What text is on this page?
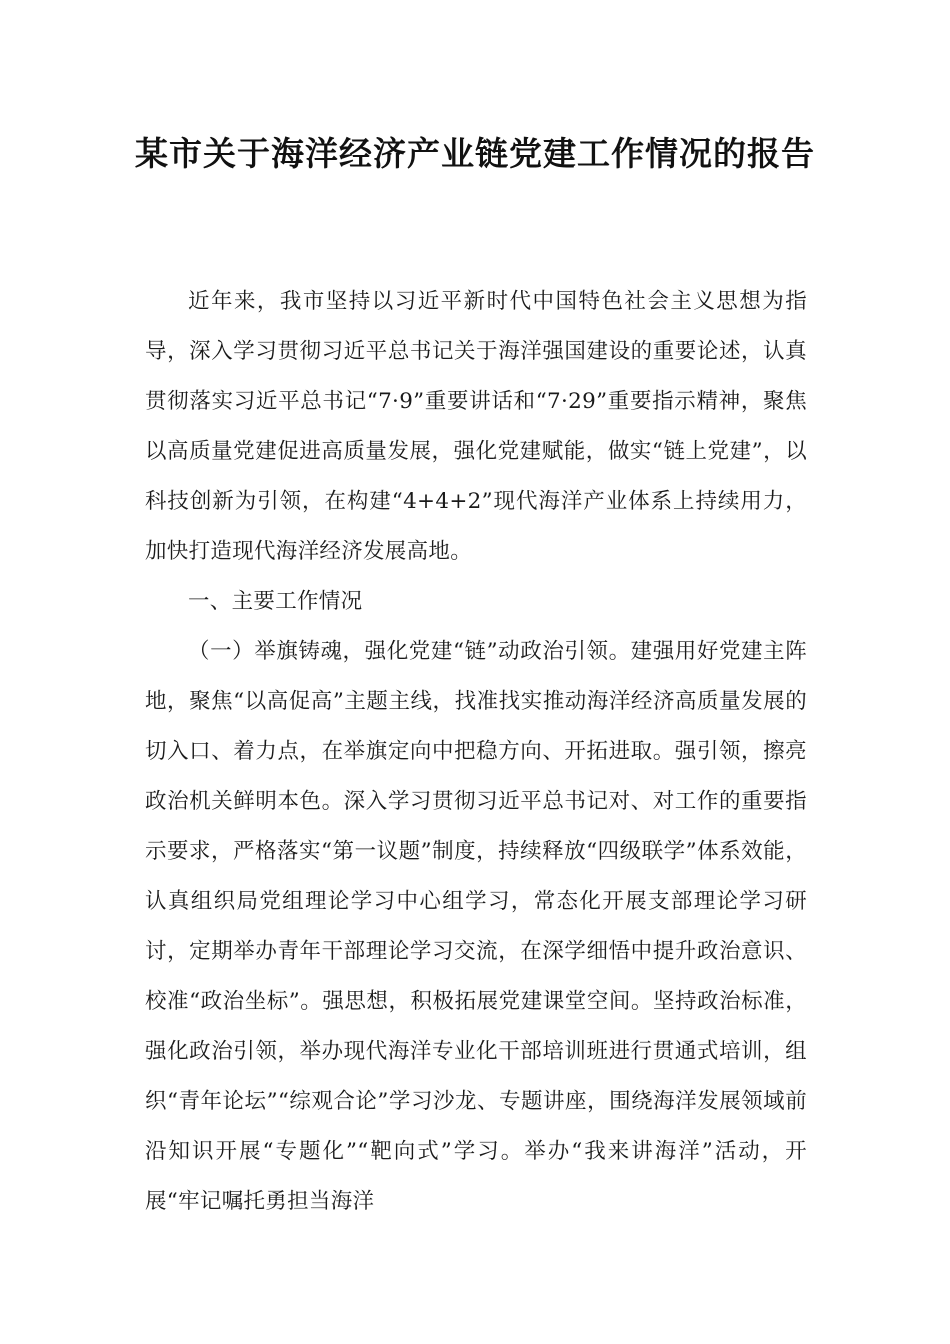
某市关于海洋经济产业链党建工作情况的报告

近年来，我市坚持以习近平新时代中国特色社会主义思想为指导，深入学习贯彻习近平总书记关于海洋强国建设的重要论述，认真贯彻落实习近平总书记“7·9”重要讲话和“7·29”重要指示精神，聚焦以高质量党建促进高质量发展，强化党建赋能，做实“链上党建”，以科技创新为引领，在构建“4+4+2”现代海洋产业体系上持续用力，加快打造现代海洋经济发展高地。

一、主要工作情况

（一）举旗铸魂，强化党建“链”动政治引领。建强用好党建主阵地，聚焦“以高促高”主题主线，找准找实推动海洋经济高质量发展的切入口、着力点，在举旗定向中把稳方向、开拓进取。强引领，擦亮政治机关鲜明本色。深入学习贯彻习近平总书记对、对工作的重要指示要求，严格落实“第一议题”制度，持续释放“四级联学”体系效能，认真组织局党组理论学习中心组学习，常态化开展支部理论学习研讨，定期举办青年干部理论学习交流，在深学细悟中提升政治意识、校准“政治坐标”。强思想，积极拓展党建课堂空间。坚持政治标准，强化政治引领，举办现代海洋专业化干部培训班进行贯通式培训，组织“青年论坛”“综观合论”学习沙龙、专题讲座，围绕海洋发展领域前沿知识开展“专题化”“靶向式”学习。举办“我来讲海洋”活动，开展“牢记嘱托勇担当海洋
